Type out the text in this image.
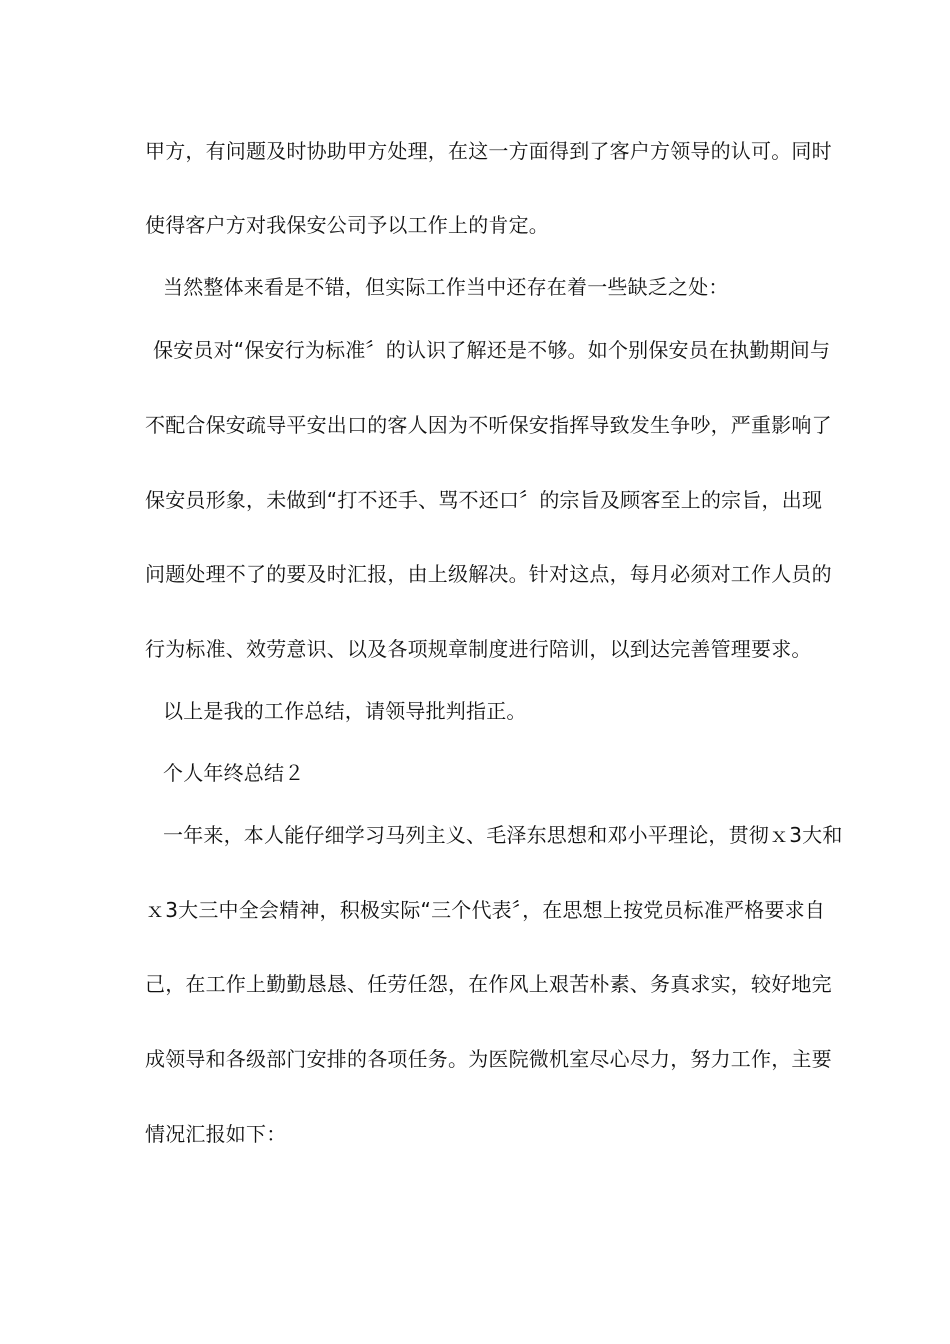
甲方，有问题及时协助甲方处理，在这一方面得到了客户方领导的认可。同时
使得客户方对我保安公司予以工作上的肯定。
当然整体来看是不错，但实际工作当中还存在着一些缺乏之处：
保安员对“保安行为标准〞的认识了解还是不够。如个别保安员在执勤期间与
不配合保安疏导平安出口的客人因为不听保安指挥导致发生争吵，严重影响了
保安员形象，未做到“打不还手、骂不还口〞的宗旨及顾客至上的宗旨，出现
问题处理不了的要及时汇报，由上级解决。针对这点，每月必须对工作人员的
行为标准、效劳意识、以及各项规章制度进行陪训，以到达完善管理要求。
以上是我的工作总结，请领导批判指正。
个人年终总结２
一年来，本人能仔细学习马列主义、毛泽东思想和邓小平理论，贯彻ｘ3大和
ｘ3大三中全会精神，积极实际“三个代表〞，在思想上按党员标准严格要求自
己，在工作上勤勤恳恳、任劳任怨，在作风上艰苦朴素、务真求实，较好地完
成领导和各级部门安排的各项任务。为医院微机室尽心尽力，努力工作，主要
情况汇报如下：
